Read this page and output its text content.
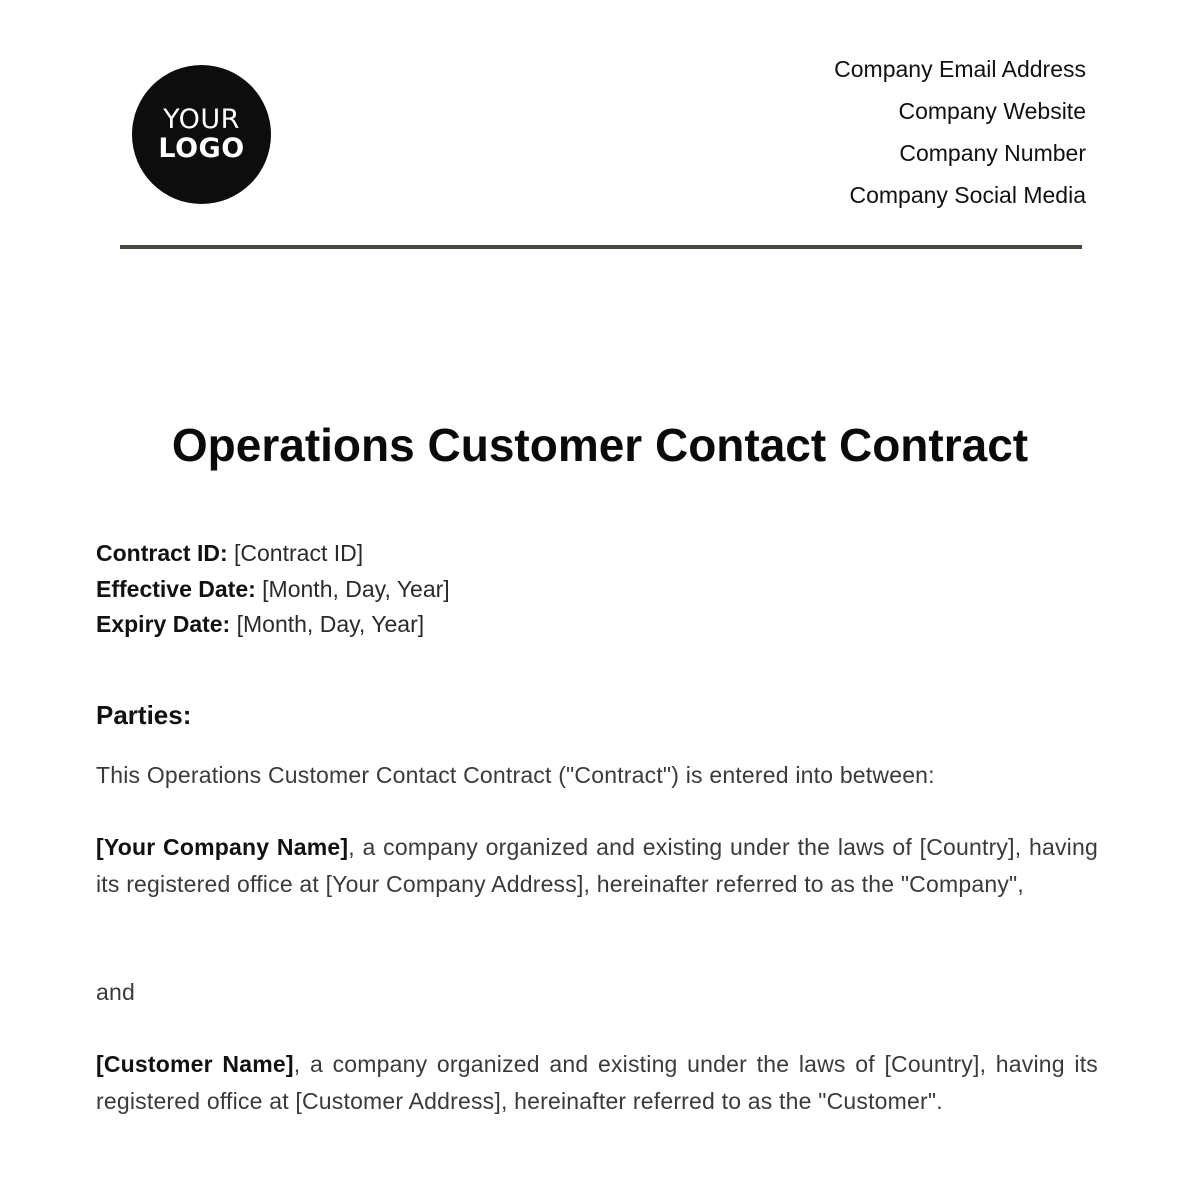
YOUR
LOGO
Company Email Address
Company Website
Company Number
Company Social Media
Operations Customer Contact Contract
Contract ID: [Contract ID]
Effective Date: [Month, Day, Year]
Expiry Date: [Month, Day, Year]
Parties:

This Operations Customer Contact Contract ("Contract") is entered into between:

[Your Company Name], a company organized and existing under the laws of [Country], having its registered office at [Your Company Address], hereinafter referred to as the "Company",

and

[Customer Name], a company organized and existing under the laws of [Country], having its registered office at [Customer Address], hereinafter referred to as the "Customer".
